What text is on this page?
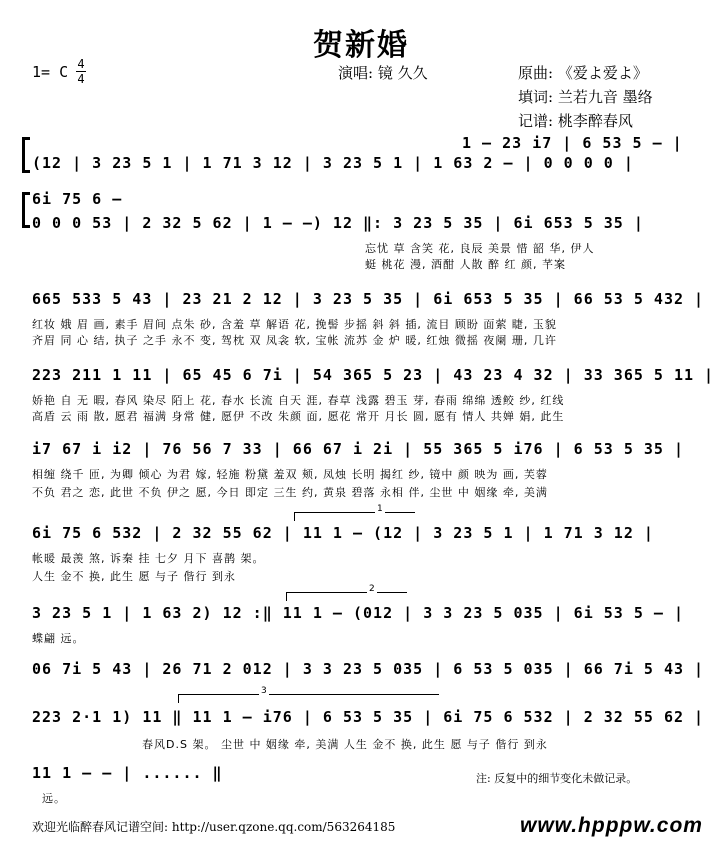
贺新婚
1= C 4
4	演唱: 镜 久久	原曲: 《爱よ爱よ》
填词: 兰若九音 墨络
记谱: 桃李醉春风
1 – 23 i7 | 6 53 5 – |
(12 | 3 23 5 1 | 1 71 3 12 | 3 23 5 1 | 1 63 2 – | 0 0 0 0 |
6i 75 6 –
0 0 0 53 | 2 32 5 62 | 1 – –) 12 ‖: 3 23 5 35 | 6i 653 5 35 |
忘忧 草 含笑 花, 良辰 美景 惜 韶 华, 伊人
蜓 桃花 漫, 酒酣 人散 醉 红 颜, 芊案
665 533 5 43 | 23 21 2 12 | 3 23 5 35 | 6i 653 5 35 | 66 53 5 432 |
红妆 娥 眉 画, 素手 眉间 点朱 砂, 含羞 草 解语 花, 挽髻 步摇 斜 斜 插, 流目 顾盼 面萦 睫, 玉貌
齐眉 同 心 结, 执子 之手 永不 变, 驾枕 双 凤衾 软, 宝帐 流苏 金 炉 暖, 红烛 微摇 夜阑 珊, 几许
223 211 1 11 | 65 45 6 7i | 54 365 5 23 | 43 23 4 32 | 33 365 5 11 |
娇艳 自 无 暇, 春风 染尽 陌上 花, 春水 长流 自天 涯, 春草 浅露 碧玉 芽, 春雨 绵绵 透鲛 纱, 红线
高盾 云 雨 散, 愿君 福满 身常 健, 愿伊 不改 朱颜 面, 愿花 常开 月长 圆, 愿有 情人 共婵 娟, 此生
i7 67 i i2 | 76 56 7 33 | 66 67 i 2i | 55 365 5 i76 | 6 53 5 35 |
相缠 绕千 匝, 为卿 倾心 为君 嫁, 轻施 粉黛 羞双 颊, 凤烛 长明 揭红 纱, 镜中 颜 映为 画, 芙蓉
不负 君之 恋, 此世 不负 伊之 愿, 今日 即定 三生 约, 黄泉 碧落 永相 伴, 尘世 中 姻缘 牵, 美满
1
6i 75 6 532 | 2 32 55 62 | 11 1 – (12 | 3 23 5 1 | 1 71 3 12 |
帐暖 最羡 煞, 诉秦 挂 七夕 月下 喜鹊 架。
人生 金不 换, 此生 愿 与子 偕行 到永
2
3 23 5 1 | 1 63 2) 12 :‖ 11 1 – (012 | 3 3 23 5 035 | 6i 53 5 – |
蝶翩 远。
06 7i 5 43 | 26 71 2 012 | 3 3 23 5 035 | 6 53 5 035 | 66 7i 5 43 |
3
223 2·1 1) 11 ‖ 11 1 – i76 | 6 53 5 35 | 6i 75 6 532 | 2 32 55 62 |
春风D.S 架。 尘世 中 姻缘 牵, 美满 人生 金不 换, 此生 愿 与子 偕行 到永
11 1 – – | ...... ‖
远。
注: 反复中的细节变化未做记录。
欢迎光临醉春风记谱空间: http://user.qzone.qq.com/563264185	www.hpppw.com
